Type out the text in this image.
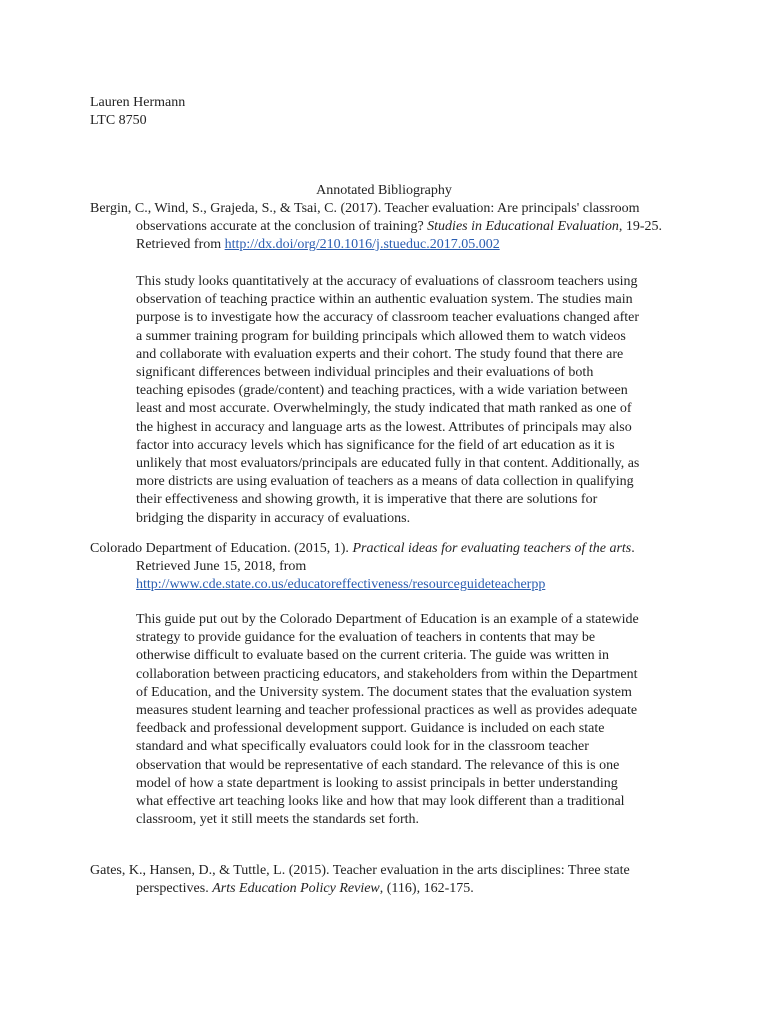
Lauren Hermann
LTC 8750
Annotated Bibliography
Bergin, C., Wind, S., Grajeda, S., & Tsai, C. (2017). Teacher evaluation: Are principals' classroom observations accurate at the conclusion of training? Studies in Educational Evaluation, 19-25. Retrieved from http://dx.doi/org/210.1016/j.stueduc.2017.05.002
This study looks quantitatively at the accuracy of evaluations of classroom teachers using
observation of teaching practice within an authentic evaluation system. The studies main
purpose is to investigate how the accuracy of classroom teacher evaluations changed after
a summer training program for building principals which allowed them to watch videos
and collaborate with evaluation experts and their cohort. The study found that there are
significant differences between individual principles and their evaluations of both
teaching episodes (grade/content) and teaching practices, with a wide variation between
least and most accurate. Overwhelmingly, the study indicated that math ranked as one of
the highest in accuracy and language arts as the lowest. Attributes of principals may also
factor into accuracy levels which has significance for the field of art education as it is
unlikely that most evaluators/principals are educated fully in that content. Additionally, as
more districts are using evaluation of teachers as a means of data collection in qualifying
their effectiveness and showing growth, it is imperative that there are solutions for
bridging the disparity in accuracy of evaluations.
Colorado Department of Education. (2015, 1). Practical ideas for evaluating teachers of the arts.
Retrieved June 15, 2018, from
http://www.cde.state.co.us/educatoreffectiveness/resourceguideteacherpp
This guide put out by the Colorado Department of Education is an example of a statewide
strategy to provide guidance for the evaluation of teachers in contents that may be
otherwise difficult to evaluate based on the current criteria. The guide was written in
collaboration between practicing educators, and stakeholders from within the Department
of Education, and the University system. The document states that the evaluation system
measures student learning and teacher professional practices as well as provides adequate
feedback and professional development support. Guidance is included on each state
standard and what specifically evaluators could look for in the classroom teacher
observation that would be representative of each standard. The relevance of this is one
model of how a state department is looking to assist principals in better understanding
what effective art teaching looks like and how that may look different than a traditional
classroom, yet it still meets the standards set forth.
Gates, K., Hansen, D., & Tuttle, L. (2015). Teacher evaluation in the arts disciplines: Three state
perspectives. Arts Education Policy Review, (116), 162-175.
